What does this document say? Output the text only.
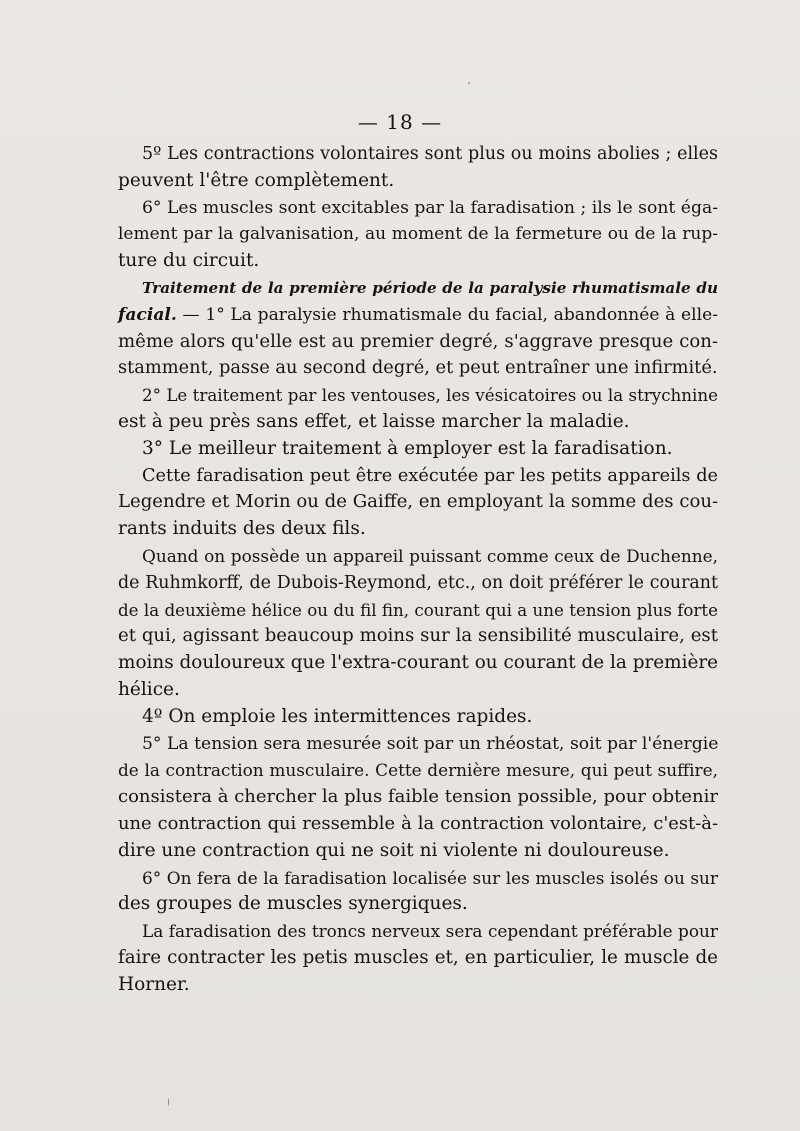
— 18 —
5º Les contractions volontaires sont plus ou moins abolies ; elles
peuvent l'être complètement.
6° Les muscles sont excitables par la faradisation ; ils le sont éga-
lement par la galvanisation, au moment de la fermeture ou de la rup-
ture du circuit.
Traitement de la première période de la paralysie rhumatismale du
facial. — 1° La paralysie rhumatismale du facial, abandonnée à elle-
même alors qu'elle est au premier degré, s'aggrave presque con-
stamment, passe au second degré, et peut entraîner une infirmité.
2° Le traitement par les ventouses, les vésicatoires ou la strychnine
est à peu près sans effet, et laisse marcher la maladie.
3° Le meilleur traitement à employer est la faradisation.
Cette faradisation peut être exécutée par les petits appareils de
Legendre et Morin ou de Gaiffe, en employant la somme des cou-
rants induits des deux fils.
Quand on possède un appareil puissant comme ceux de Duchenne,
de Ruhmkorff, de Dubois-Reymond, etc., on doit préférer le courant
de la deuxième hélice ou du fil fin, courant qui a une tension plus forte
et qui, agissant beaucoup moins sur la sensibilité musculaire, est
moins douloureux que l'extra-courant ou courant de la première
hélice.
4º On emploie les intermittences rapides.
5° La tension sera mesurée soit par un rhéostat, soit par l'énergie
de la contraction musculaire. Cette dernière mesure, qui peut suffire,
consistera à chercher la plus faible tension possible, pour obtenir
une contraction qui ressemble à la contraction volontaire, c'est-à-
dire une contraction qui ne soit ni violente ni douloureuse.
6° On fera de la faradisation localisée sur les muscles isolés ou sur
des groupes de muscles synergiques.
La faradisation des troncs nerveux sera cependant préférable pour
faire contracter les petis muscles et, en particulier, le muscle de
Horner.
